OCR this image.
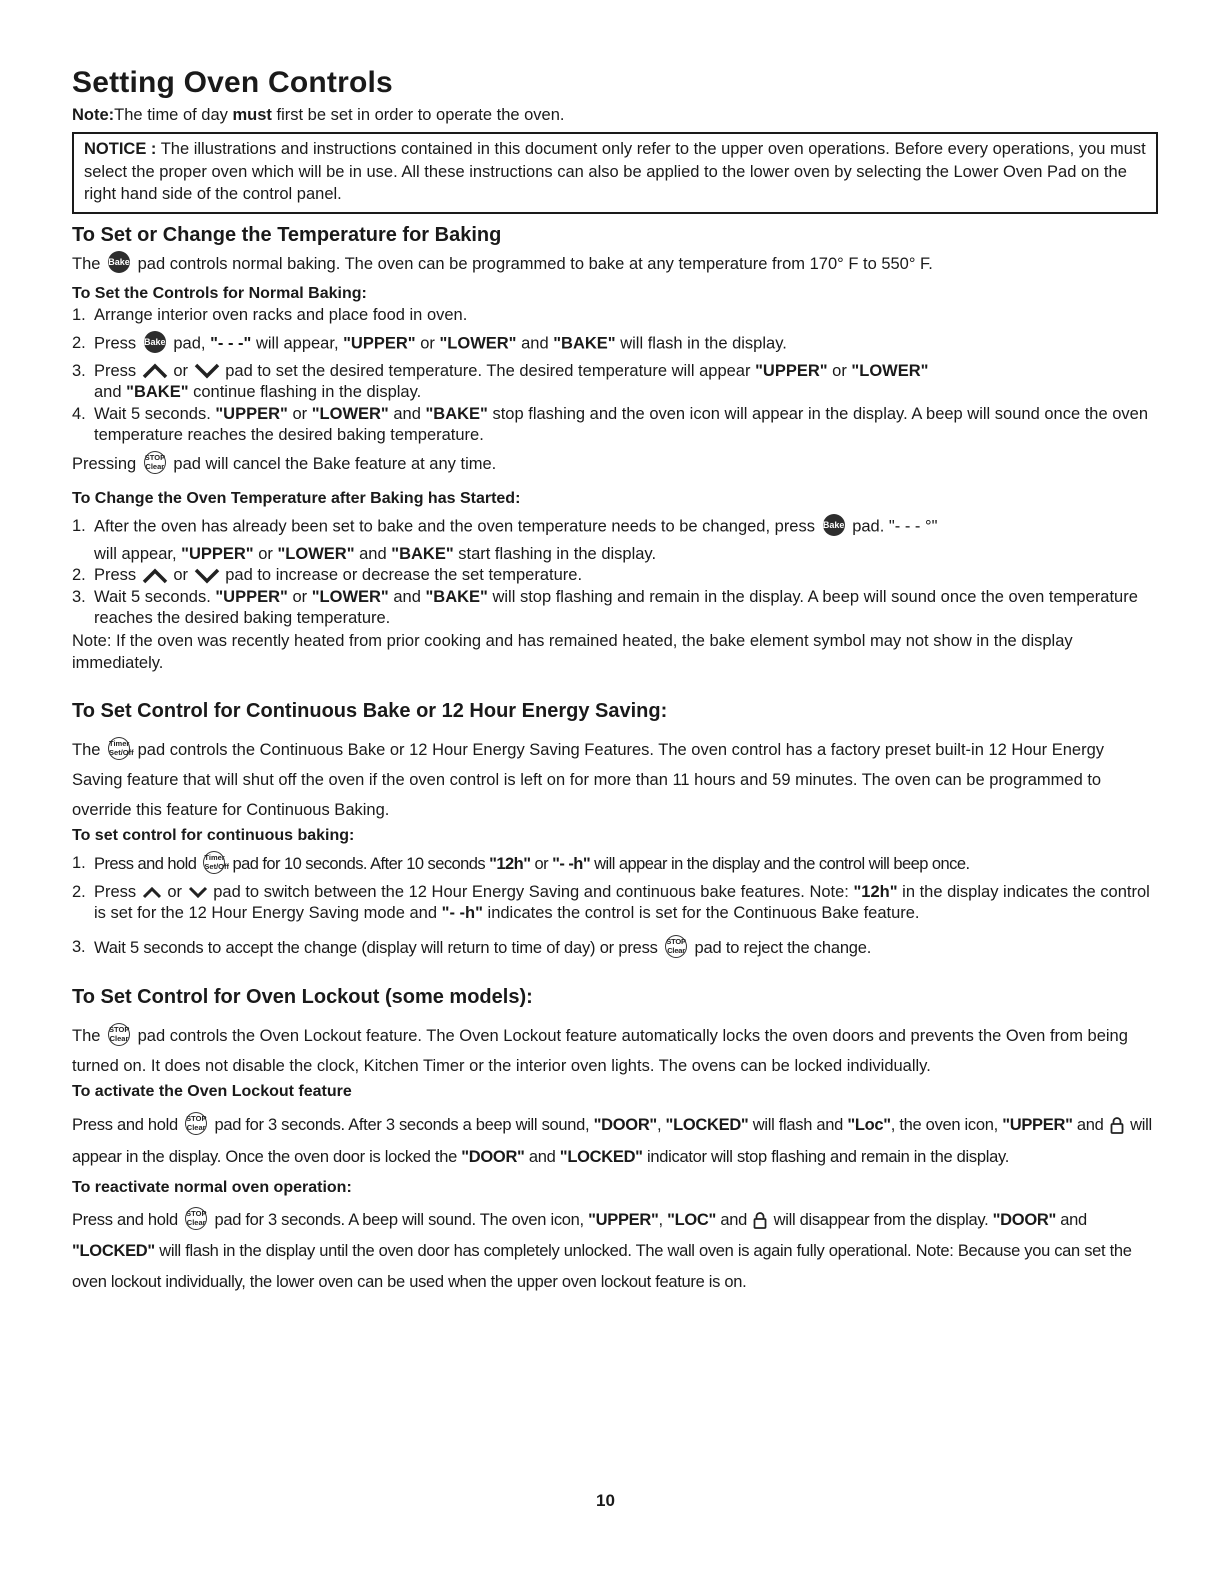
Setting Oven Controls

Note:The time of day must first be set in order to operate the oven.

NOTICE : The illustrations and instructions contained in this document only refer to the upper oven operations. Before every operations, you must select the proper oven which will be in use. All these instructions can also be applied to the lower oven by selecting the Lower Oven Pad on the right hand side of the control panel.

To Set or Change the Temperature for Baking

The Bake pad controls normal baking. The oven can be programmed to bake at any temperature from 170° F to 550° F.

To Set the Controls for Normal Baking:

1. Arrange interior oven racks and place food in oven.
2. Press Bake pad, "- - -" will appear, "UPPER" or "LOWER" and "BAKE" will flash in the display.
3. Press or pad to set the desired temperature. The desired temperature will appear "UPPER" or "LOWER"
and "BAKE" continue flashing in the display.
4. Wait 5 seconds. "UPPER" or "LOWER" and "BAKE" stop flashing and the oven icon will appear in the display. A beep will sound once the oven temperature reaches the desired baking temperature.

Pressing STOP
Clear pad will cancel the Bake feature at any time.

To Change the Oven Temperature after Baking has Started:

1. After the oven has already been set to bake and the oven temperature needs to be changed, press Bake pad. "- - - °"
will appear, "UPPER" or "LOWER" and "BAKE" start flashing in the display.
2. Press or pad to increase or decrease the set temperature.
3. Wait 5 seconds. "UPPER" or "LOWER" and "BAKE" will stop flashing and remain in the display. A beep will sound once the oven temperature reaches the desired baking temperature.

Note: If the oven was recently heated from prior cooking and has remained heated, the bake element symbol may not show in the display immediately.

To Set Control for Continuous Bake or 12 Hour Energy Saving:

The Timer
Set/Off pad controls the Continuous Bake or 12 Hour Energy Saving Features. The oven control has a factory preset built-in 12 Hour Energy Saving feature that will shut off the oven if the oven control is left on for more than 11 hours and 59 minutes. The oven can be programmed to override this feature for Continuous Baking.

To set control for continuous baking:

1. Press and hold Timer
Set/Off pad for 10 seconds. After 10 seconds "12h" or "- -h" will appear in the display and the control will beep once.
2. Press or pad to switch between the 12 Hour Energy Saving and continuous bake features. Note: "12h" in the display indicates the control is set for the 12 Hour Energy Saving mode and "- -h" indicates the control is set for the Continuous Bake feature.
3. Wait 5 seconds to accept the change (display will return to time of day) or press STOP
Clear pad to reject the change.
To Set Control for Oven Lockout (some models):

The STOP
Clear pad controls the Oven Lockout feature. The Oven Lockout feature automatically locks the oven doors and prevents the Oven from being turned on. It does not disable the clock, Kitchen Timer or the interior oven lights. The ovens can be locked individually.

To activate the Oven Lockout feature

Press and hold STOP
Clear pad for 3 seconds. After 3 seconds a beep will sound, "DOOR", "LOCKED" will flash and "Loc", the oven icon, "UPPER" and will appear in the display. Once the oven door is locked the "DOOR" and "LOCKED" indicator will stop flashing and remain in the display.

To reactivate normal oven operation:

Press and hold STOP
Clear pad for 3 seconds. A beep will sound. The oven icon, "UPPER", "LOC" and will disappear from the display. "DOOR" and "LOCKED" will flash in the display until the oven door has completely unlocked. The wall oven is again fully operational. Note: Because you can set the oven lockout individually, the lower oven can be used when the upper oven lockout feature is on.

10
